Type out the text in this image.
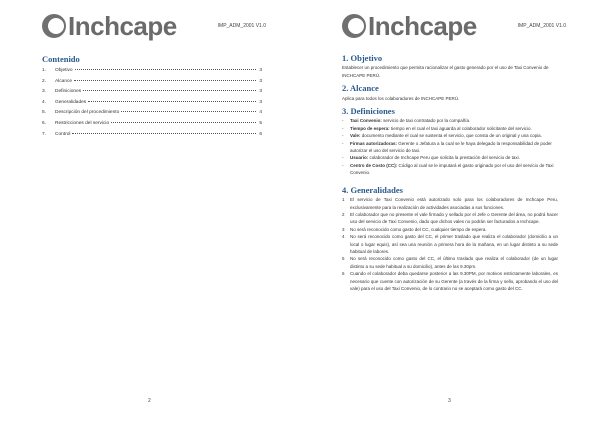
Inchcape	IMP_ADM_2001 V1.0
Contenido
1.	Objetivo	3
2.	Alcance	3
3.	Definiciones	3
4.	Generalidades	3
5.	Descripción del procedimiento	4
6.	Restricciones del servicio	5
7.	Control	6
2
Inchcape	IMP_ADM_2001 V1.0
1. Objetivo

Establecer un procedimiento que permita racionalizar el gasto generado por el uso de Taxi Convenio de INCHCAPE PERÚ.

2. Alcance

Aplica para todos los colaboradores de INCHCAPE PERÚ.

3. Definiciones
- Taxi Convenio: servicio de taxi contratado por la compañía.
- Tiempo de espera: tiempo en el cual el taxi aguarda al colaborador solicitante del servicio.
- Vale: documento mediante el cual se sustenta el servicio, que consta de un original y una copia.
- Firmas autorizadoras: Gerente o Jefatura a la cual se le haya delegado la responsabilidad de poder autorizar el uso del servicio de taxi.
- Usuario: colaborador de Inchcape Peru que solicita la prestación del servicio de taxi.
- Centro de Costo (CC): Código al cual se le imputará el gasto originado por el uso del servicio de Taxi Convenio.
4. Generalidades
1 El servicio de Taxi Convenio está autorizado solo para los colaboradores de Inchcape Peru, exclusivamente para la realización de actividades asociadas a sus funciones.
2 El colaborador que no presente el vale firmado y sellado por el Jefe o Gerente del área, no podrá hacer uso del servicio de Taxi Convenio, dado que dichos vales no podrán ser facturados a Inchcape.
3 No será reconocido como gasto del CC, cualquier tiempo de espera.
4 No será reconocido como gasto del CC, el primer traslado que realiza el colaborador (domicilio a un local o lugar equis), así sea una reunión a primera hora de la mañana, en un lugar distinto a su sede habitual de labores.
5 No será reconocido como gasto del CC, el último traslado que realiza el colaborador (de un lugar distinto a su sede habitual a su domicilio), antes de las 9.30pm.
6 Cuando el colaborador deba quedarse posterior a las 9.30PM, por motivos estrictamente laborales, es necesario que cuente con autorización de su Gerente (a través de la firma y sello, aprobando el uso del vale) para el uso del Taxi Convenio, de lo contrario no se aceptará como gasto del CC.
3
